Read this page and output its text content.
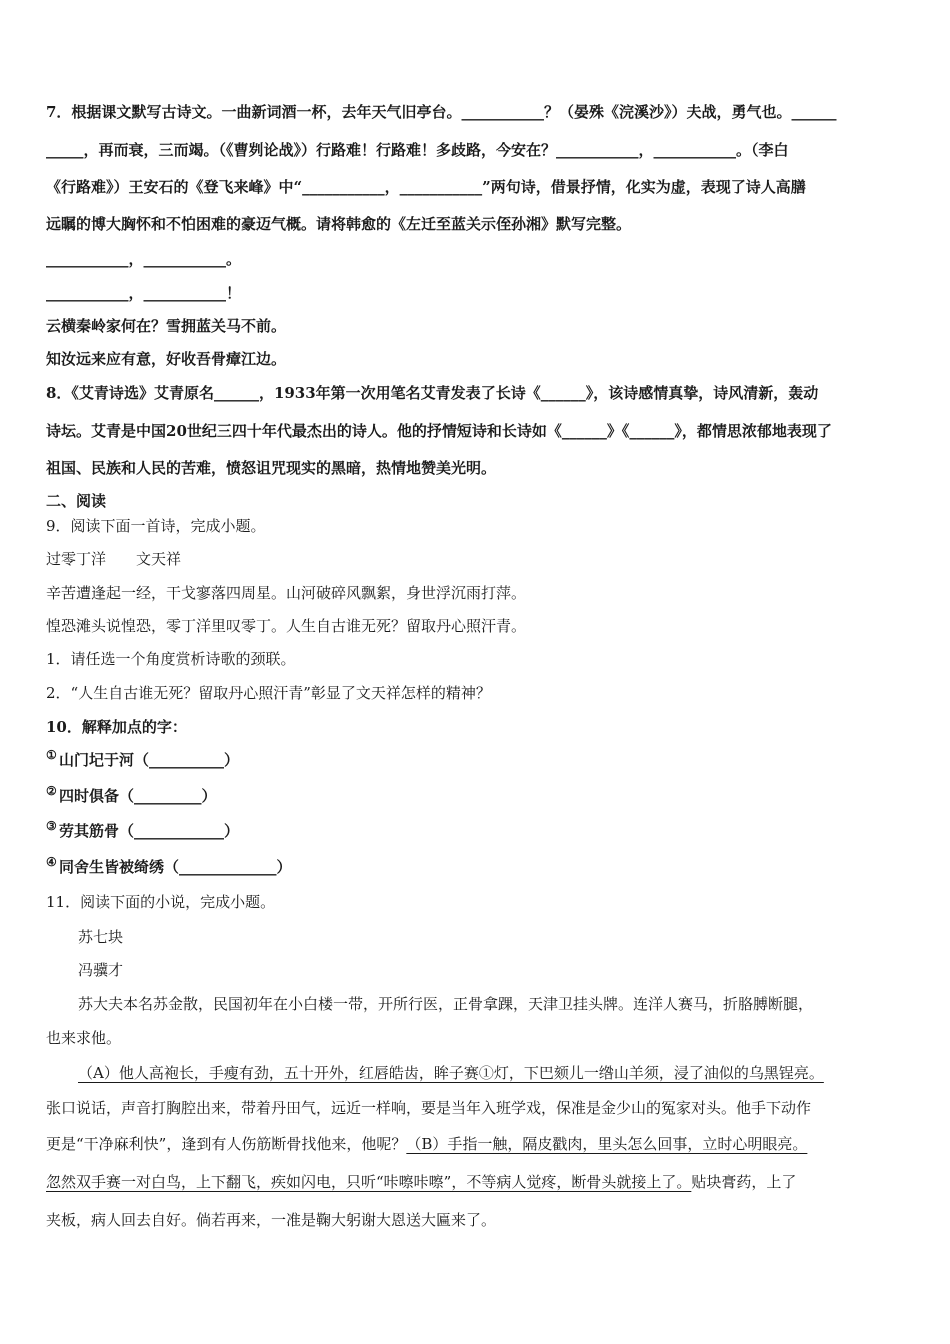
7．根据课文默写古诗文。一曲新词酒一杯，去年天气旧亭台。___________？（晏殊《浣溪沙》）夫战，勇气也。______
_____，再而衰，三而竭。（《曹刿论战》）行路难！行路难！多歧路，今安在？___________，___________。（李白
《行路难》）王安石的《登飞来峰》中“___________，___________”两句诗，借景抒情，化实为虚，表现了诗人高膳
远瞩的博大胸怀和不怕困难的豪迈气概。请将韩愈的《左迁至蓝关示侄孙湘》默写完整。
___________，___________。
___________，___________！
云横秦岭家何在？雪拥蓝关马不前。
知汝远来应有意，好收吾骨瘴江边。
8．《艾青诗选》艾青原名______，1933年第一次用笔名艾青发表了长诗《______》，该诗感情真挚，诗风清新，轰动
诗坛。艾青是中国20世纪三四十年代最杰出的诗人。他的抒情短诗和长诗如《______》《______》，都情思浓郁地表现了
祖国、民族和人民的苦难，愤怒诅咒现实的黑暗，热情地赞美光明。
二、阅读
9．阅读下面一首诗，完成小题。
过零丁洋　　文天祥
辛苦遭逢起一经，干戈寥落四周星。山河破碎风飘絮，身世浮沉雨打萍。
惶恐滩头说惶恐，零丁洋里叹零丁。人生自古谁无死？留取丹心照汗青。
1．请任选一个角度赏析诗歌的颈联。
2．“人生自古谁无死？留取丹心照汗青”彰显了文天祥怎样的精神？
10．解释加点的字：
① 山门圮于河（__________）
② 四时俱备（_________）
③ 劳其筋骨（____________）
④ 同舍生皆被绮绣（_____________）
11．阅读下面的小说，完成小题。
苏七块
冯骥才
苏大夫本名苏金散，民国初年在小白楼一带，开所行医，正骨拿踝，天津卫挂头牌。连洋人赛马，折胳膊断腿，
也来求他。
（A）他人高袍长，手瘦有劲，五十开外，红唇皓齿，眸子赛①灯，下巴颏儿一绺山羊须，浸了油似的乌黑锃亮。
张口说话，声音打胸腔出来，带着丹田气，远近一样响，要是当年入班学戏，保准是金少山的冤家对头。他手下动作
更是“干净麻利快”，逢到有人伤筋断骨找他来，他呢？（B）手指一触，隔皮戳肉，里头怎么回事，立时心明眼亮。
忽然双手赛一对白鸟，上下翻飞，疾如闪电，只听“咔嚓咔嚓”，不等病人觉疼，断骨头就接上了。贴块膏药，上了
夹板，病人回去自好。倘若再来，一准是鞠大躬谢大恩送大匾来了。
